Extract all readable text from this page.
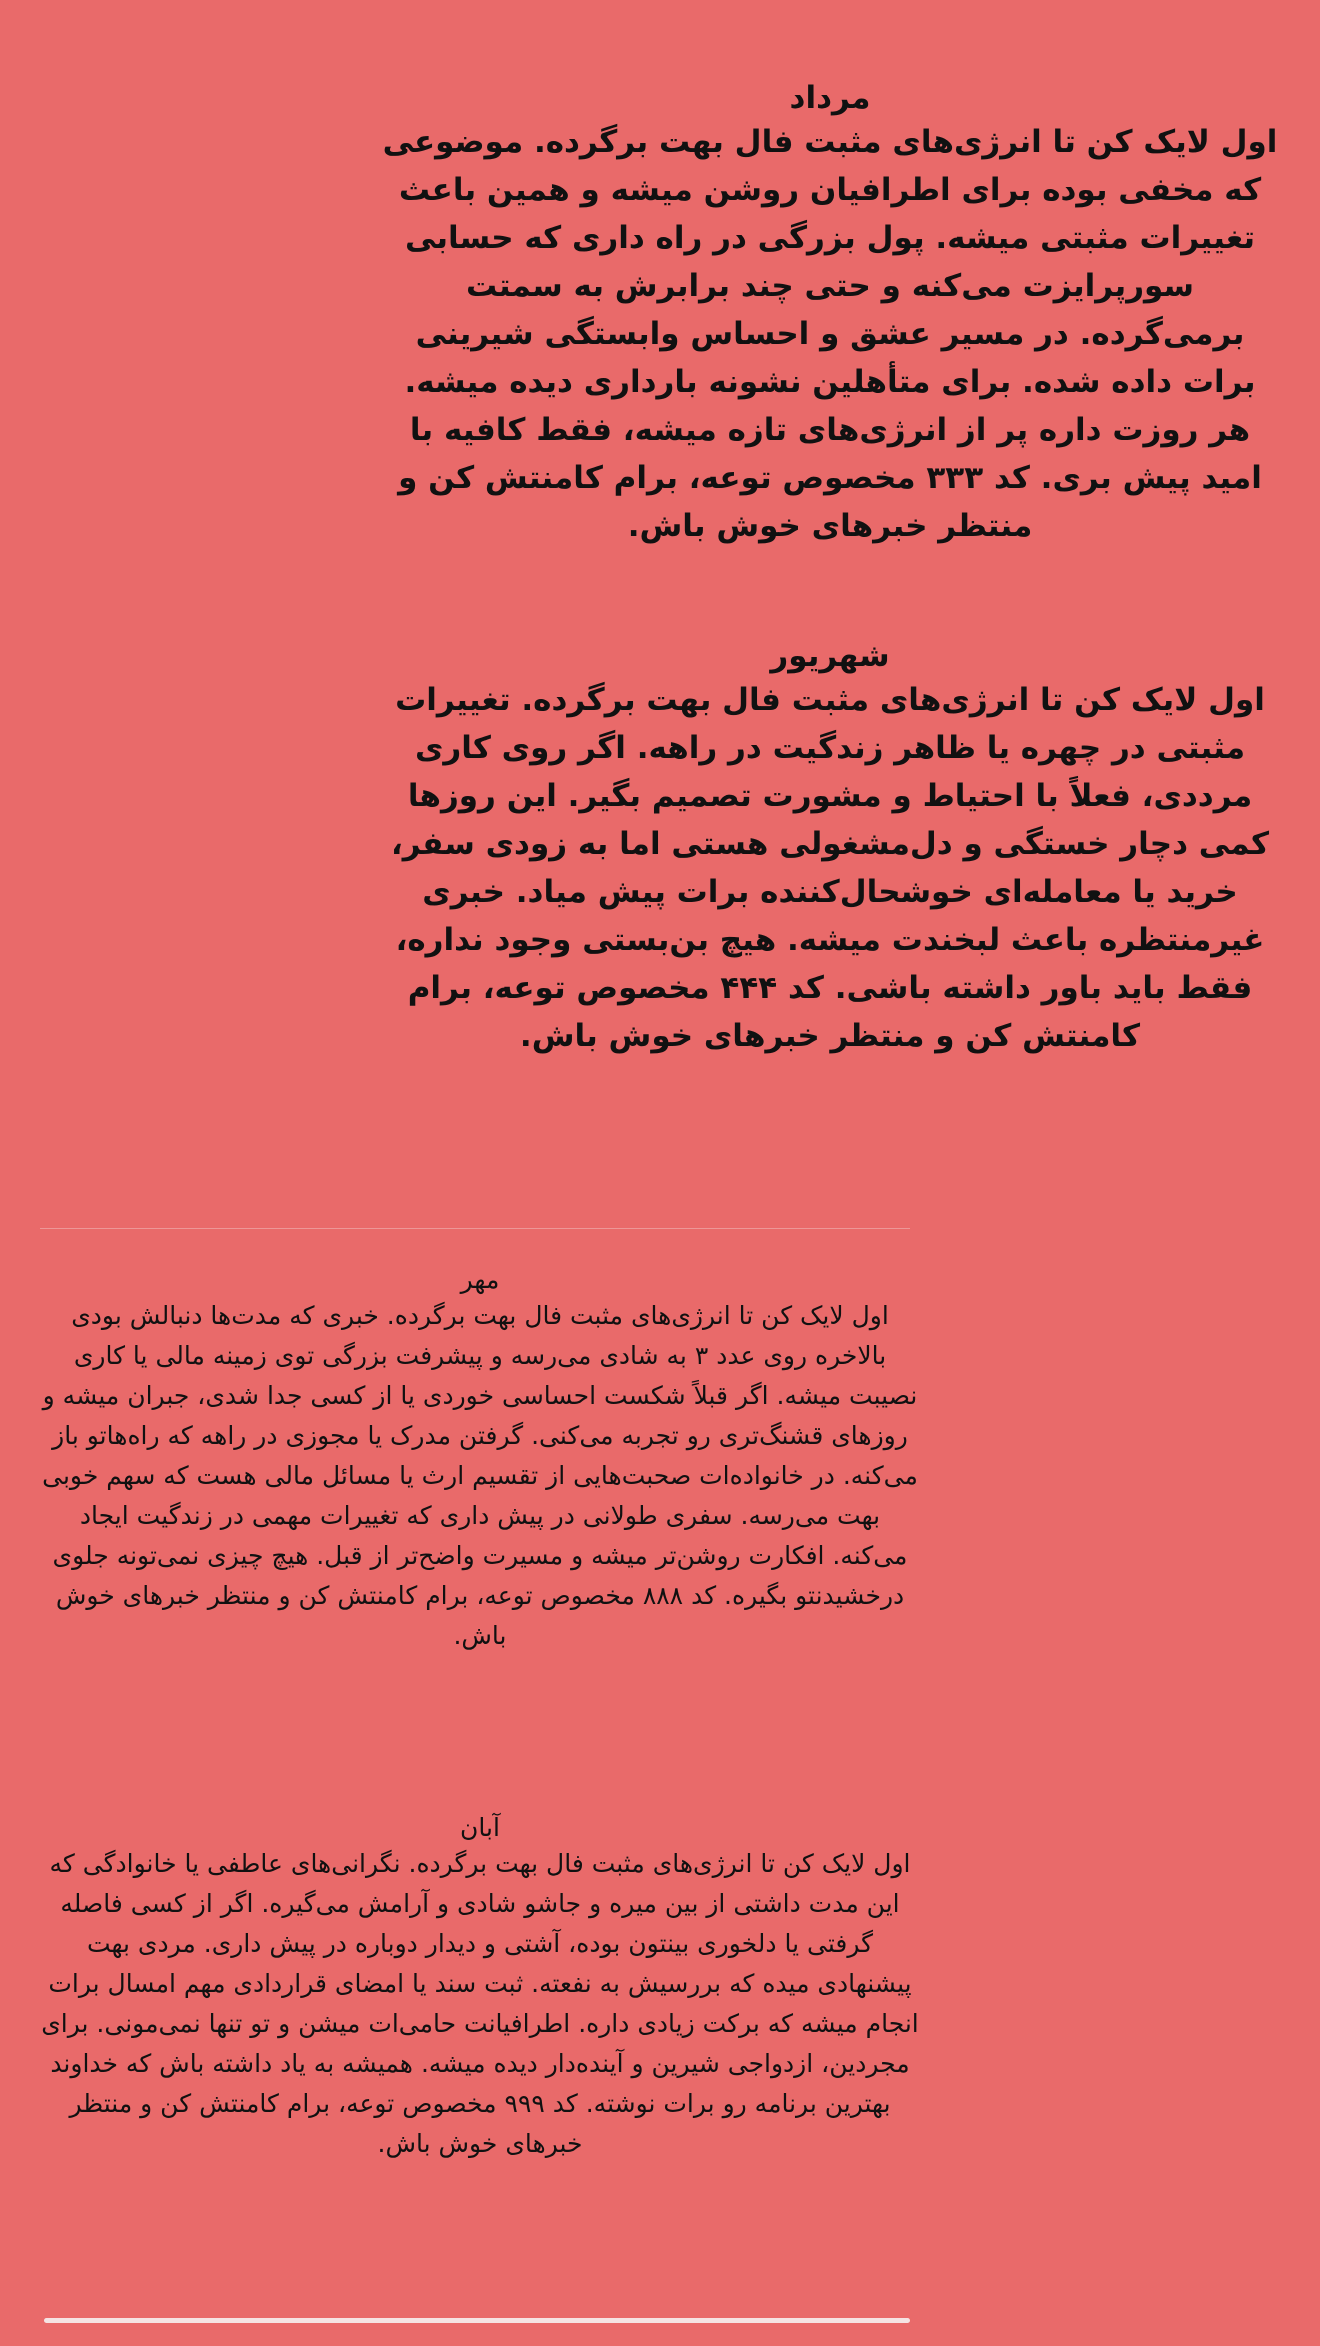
مرداد

اول لایک کن تا انرژی‌های مثبت فال بهت برگرده. موضوعی که مخفی بوده برای اطرافیان روشن میشه و همین باعث تغییرات مثبتی میشه. پول بزرگی در راه داری که حسابی سورپرایزت می‌کنه و حتی چند برابرش به سمتت برمی‌گرده. در مسیر عشق و احساس وابستگی شیرینی برات داده شده. برای متأهلین نشونه بارداری دیده میشه. هر روزت داره پر از انرژی‌های تازه میشه، فقط کافیه با امید پیش بری. کد ۳۳۳ مخصوص توعه، برام کامنتش کن و منتظر خبرهای خوش باش.

شهریور

اول لایک کن تا انرژی‌های مثبت فال بهت برگرده. تغییرات مثبتی در چهره یا ظاهر زندگیت در راهه. اگر روی کاری مرددی، فعلاً با احتیاط و مشورت تصمیم بگیر. این روزها کمی دچار خستگی و دل‌مشغولی هستی اما به زودی سفر، خرید یا معامله‌ای خوشحال‌کننده برات پیش میاد. خبری غیرمنتظره باعث لبخندت میشه. هیچ بن‌بستی وجود نداره، فقط باید باور داشته باشی. کد ۴۴۴ مخصوص توعه، برام کامنتش کن و منتظر خبرهای خوش باش.

مهر

اول لایک کن تا انرژی‌های مثبت فال بهت برگرده. خبری که مدت‌ها دنبالش بودی بالاخره روی عدد ۳ به شادی می‌رسه و پیشرفت بزرگی توی زمینه مالی یا کاری نصیبت میشه. اگر قبلاً شکست احساسی خوردی یا از کسی جدا شدی، جبران میشه و روزهای قشنگ‌تری رو تجربه می‌کنی. گرفتن مدرک یا مجوزی در راهه که راه‌هاتو باز می‌کنه. در خانواده‌ات صحبت‌هایی از تقسیم ارث یا مسائل مالی هست که سهم خوبی بهت می‌رسه. سفری طولانی در پیش داری که تغییرات مهمی در زندگیت ایجاد می‌کنه. افکارت روشن‌تر میشه و مسیرت واضح‌تر از قبل. هیچ چیزی نمی‌تونه جلوی درخشیدنتو بگیره. کد ۸۸۸ مخصوص توعه، برام کامنتش کن و منتظر خبرهای خوش باش.

آبان

اول لایک کن تا انرژی‌های مثبت فال بهت برگرده. نگرانی‌های عاطفی یا خانوادگی که این مدت داشتی از بین میره و جاشو شادی و آرامش می‌گیره. اگر از کسی فاصله گرفتی یا دلخوری بینتون بوده، آشتی و دیدار دوباره در پیش داری. مردی بهت پیشنهادی میده که بررسیش به نفعته. ثبت سند یا امضای قراردادی مهم امسال برات انجام میشه که برکت زیادی داره. اطرافیانت حامی‌ات میشن و تو تنها نمی‌مونی. برای مجردین، ازدواجی شیرین و آینده‌دار دیده میشه. همیشه به یاد داشته باش که خداوند بهترین برنامه رو برات نوشته. کد ۹۹۹ مخصوص توعه، برام کامنتش کن و منتظر خبرهای خوش باش.
